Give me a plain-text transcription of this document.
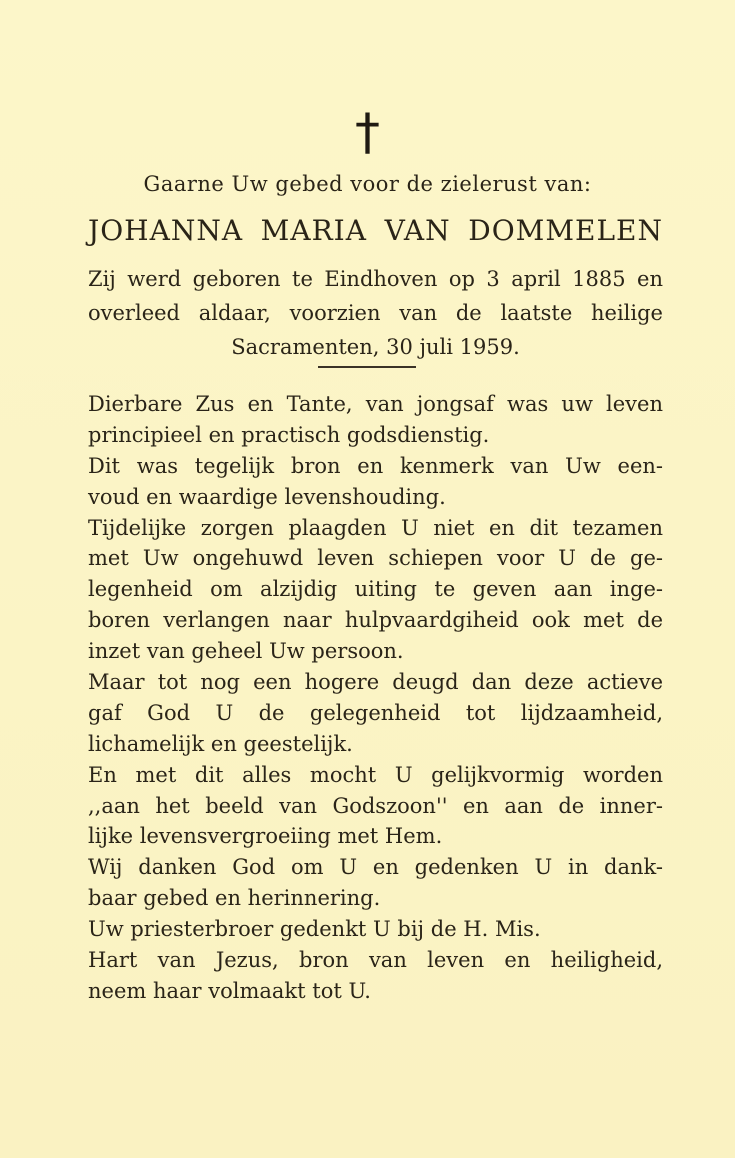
†
Gaarne Uw gebed voor de zielerust van:
JOHANNA MARIA VAN DOMMELEN
Zij werd geboren te Eindhoven op 3 april 1885 en
overleed aldaar, voorzien van de laatste heilige
Sacramenten, 30 juli 1959.
Dierbare Zus en Tante, van jongsaf was uw leven
principieel en practisch godsdienstig.
Dit was tegelijk bron en kenmerk van Uw een-
voud en waardige levenshouding.
Tijdelijke zorgen plaagden U niet en dit tezamen
met Uw ongehuwd leven schiepen voor U de ge-
legenheid om alzijdig uiting te geven aan inge-
boren verlangen naar hulpvaardgiheid ook met de
inzet van geheel Uw persoon.
Maar tot nog een hogere deugd dan deze actieve
gaf God U de gelegenheid tot lijdzaamheid,
lichamelijk en geestelijk.
En met dit alles mocht U gelijkvormig worden
,,aan het beeld van Godszoon'' en aan de inner-
lijke levensvergroeiing met Hem.
Wij danken God om U en gedenken U in dank-
baar gebed en herinnering.
Uw priesterbroer gedenkt U bij de H. Mis.
Hart van Jezus, bron van leven en heiligheid,
neem haar volmaakt tot U.
